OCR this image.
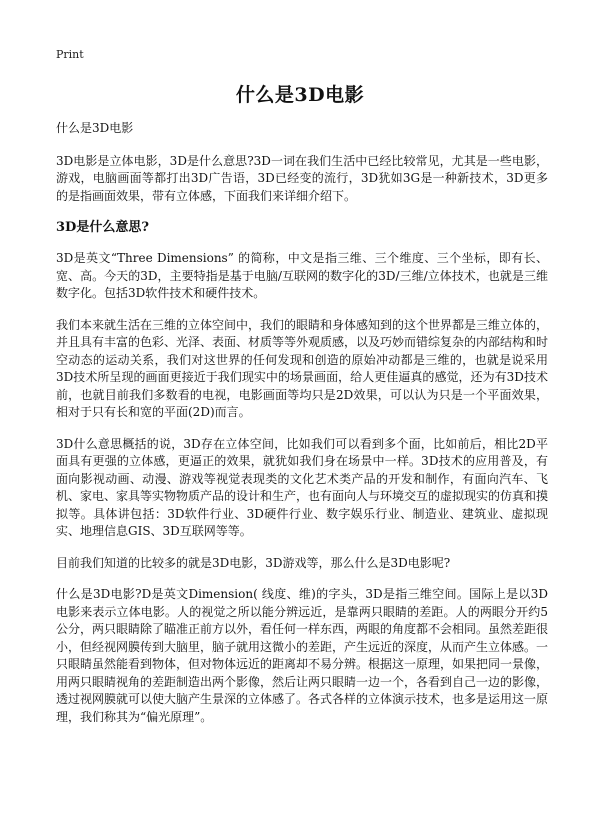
Print
什么是3D电影

什么是3D电影

3D电影是立体电影，3D是什么意思?3D一词在我们生活中已经比较常见，尤其是一些电影，游戏，电脑画面等都打出3D广告语，3D已经变的流行，3D犹如3G是一种新技术，3D更多的是指画面效果，带有立体感，下面我们来详细介绍下。

3D是什么意思?

3D是英文“Three Dimensions” 的简称，中文是指三维、三个维度、三个坐标，即有长、宽、高。今天的3D，主要特指是基于电脑/互联网的数字化的3D/三维/立体技术，也就是三维数字化。包括3D软件技术和硬件技术。

我们本来就生活在三维的立体空间中，我们的眼睛和身体感知到的这个世界都是三维立体的，并且具有丰富的色彩、光泽、表面、材质等等外观质感，以及巧妙而错综复杂的内部结构和时空动态的运动关系，我们对这世界的任何发现和创造的原始冲动都是三维的，也就是说采用3D技术所呈现的画面更接近于我们现实中的场景画面，给人更佳逼真的感觉，还为有3D技术前，也就目前我们多数看的电视，电影画面等均只是2D效果，可以认为只是一个平面效果，相对于只有长和宽的平面(2D)而言。

3D什么意思概括的说，3D存在立体空间，比如我们可以看到多个面，比如前后，相比2D平面具有更强的立体感，更逼正的效果，就犹如我们身在场景中一样。3D技术的应用普及，有面向影视动画、动漫、游戏等视觉表现类的文化艺术类产品的开发和制作，有面向汽车、飞机、家电、家具等实物物质产品的设计和生产，也有面向人与环境交互的虚拟现实的仿真和摸拟等。具体讲包括：3D软件行业、3D硬件行业、数字娱乐行业、制造业、建筑业、虚拟现实、地理信息GIS、3D互联网等等。

目前我们知道的比较多的就是3D电影，3D游戏等，那么什么是3D电影呢?

什么是3D电影?D是英文Dimension( 线度、维)的字头，3D是指三维空间。国际上是以3D电影来表示立体电影。人的视觉之所以能分辨远近，是靠两只眼睛的差距。人的两眼分开约5公分，两只眼睛除了瞄准正前方以外，看任何一样东西，两眼的角度都不会相同。虽然差距很小，但经视网膜传到大脑里，脑子就用这微小的差距，产生远近的深度，从而产生立体感。一只眼睛虽然能看到物体，但对物体远近的距离却不易分辨。根据这一原理，如果把同一景像，用两只眼睛视角的差距制造出两个影像，然后让两只眼睛一边一个，各看到自己一边的影像，透过视网膜就可以使大脑产生景深的立体感了。各式各样的立体演示技术，也多是运用这一原理，我们称其为“偏光原理”。
